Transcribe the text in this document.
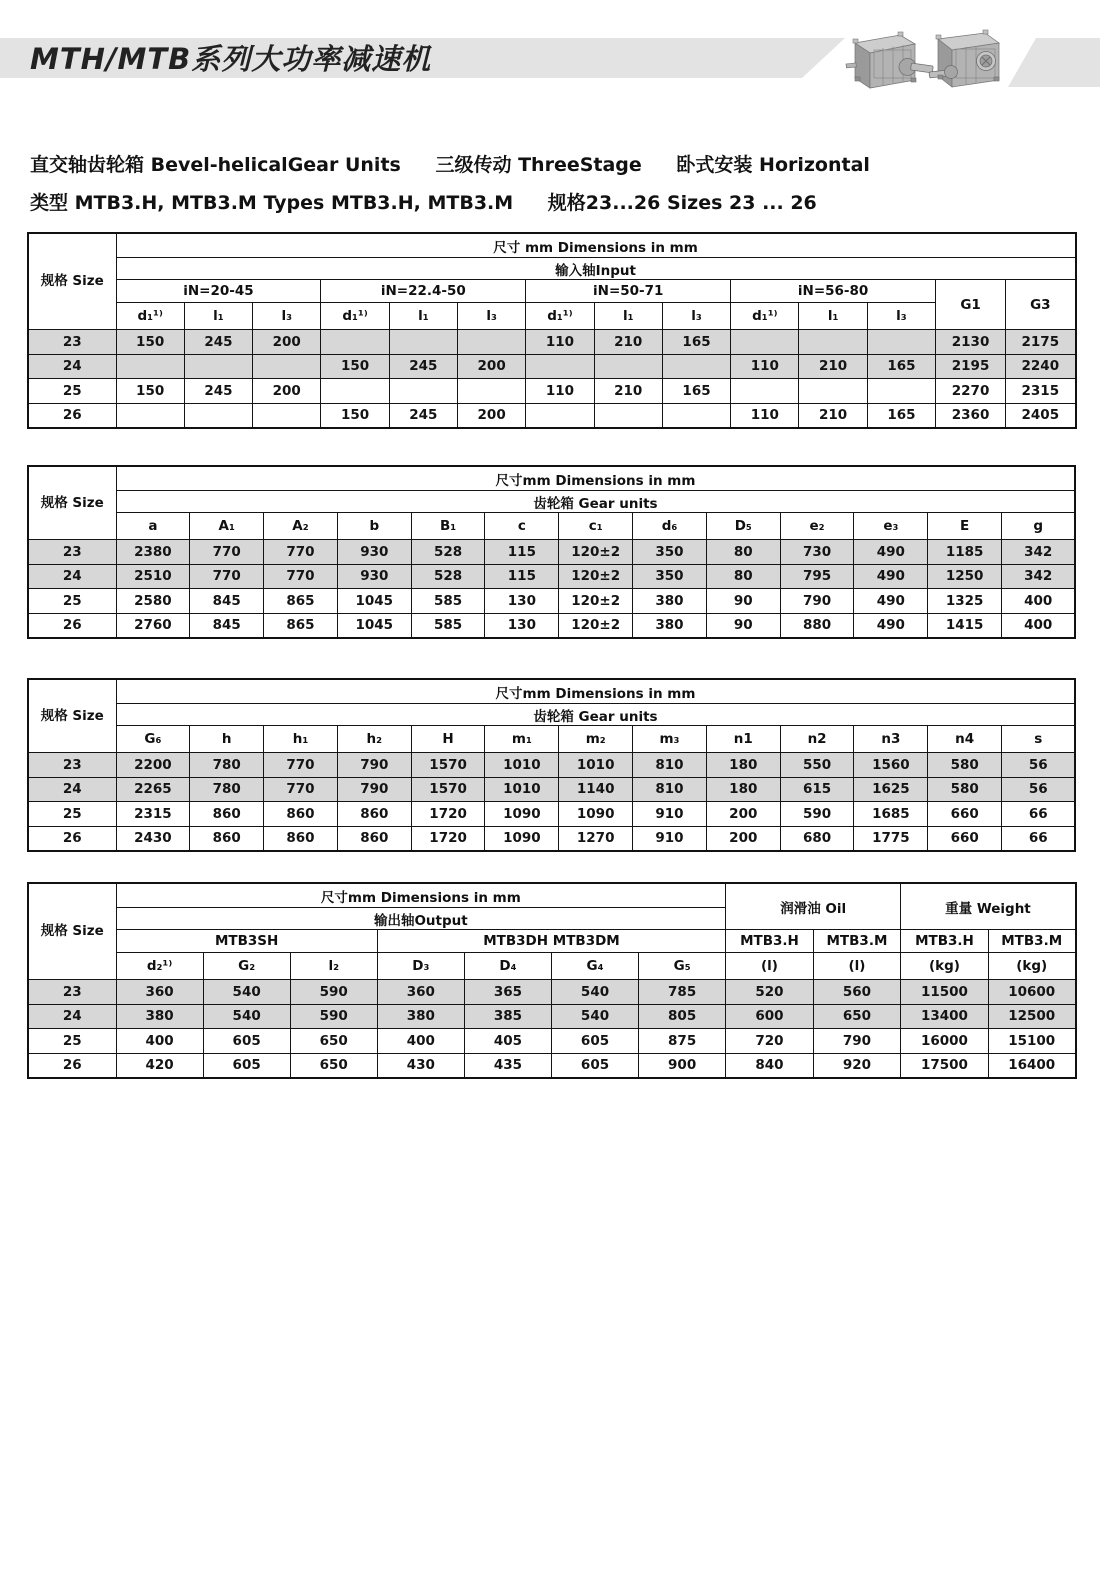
MTH/MTB系列大功率减速机
直交轴齿轮箱 Bevel-helicalGear Units 三级传动 ThreeStage 卧式安装 Horizontal
类型 MTB3.H, MTB3.M Types MTB3.H, MTB3.M 规格23...26 Sizes 23 ... 26
规格 Size	尺寸 mm Dimensions in mm													
	输入轴Input													
	iN=20-45			iN=22.4-50			iN=50-71			iN=56-80			G1	G3
	d₁¹⁾	l₁	l₃	d₁¹⁾	l₁	l₃	d₁¹⁾	l₁	l₃	d₁¹⁾	l₁	l₃		
23	150	245	200				110	210	165				2130	2175
24				150	245	200				110	210	165	2195	2240
25	150	245	200				110	210	165				2270	2315
26				150	245	200				110	210	165	2360	2405
规格 Size	尺寸mm Dimensions in mm												
	齿轮箱 Gear units												
	a	A₁	A₂	b	B₁	c	c₁	d₆	D₅	e₂	e₃	E	g
23	2380	770	770	930	528	115	120±2	350	80	730	490	1185	342
24	2510	770	770	930	528	115	120±2	350	80	795	490	1250	342
25	2580	845	865	1045	585	130	120±2	380	90	790	490	1325	400
26	2760	845	865	1045	585	130	120±2	380	90	880	490	1415	400
规格 Size	尺寸mm Dimensions in mm												
	齿轮箱 Gear units												
	G₆	h	h₁	h₂	H	m₁	m₂	m₃	n1	n2	n3	n4	s
23	2200	780	770	790	1570	1010	1010	810	180	550	1560	580	56
24	2265	780	770	790	1570	1010	1140	810	180	615	1625	580	56
25	2315	860	860	860	1720	1090	1090	910	200	590	1685	660	66
26	2430	860	860	860	1720	1090	1270	910	200	680	1775	660	66
规格 Size	尺寸mm Dimensions in mm							润滑油 Oil		重量 Weight	
	输出轴Output										
	MTB3SH			MTB3DH MTB3DM				MTB3.H	MTB3.M	MTB3.H	MTB3.M
	d₂¹⁾	G₂	l₂	D₃	D₄	G₄	G₅	(l)	(l)	(kg)	(kg)
23	360	540	590	360	365	540	785	520	560	11500	10600
24	380	540	590	380	385	540	805	600	650	13400	12500
25	400	605	650	400	405	605	875	720	790	16000	15100
26	420	605	650	430	435	605	900	840	920	17500	16400
